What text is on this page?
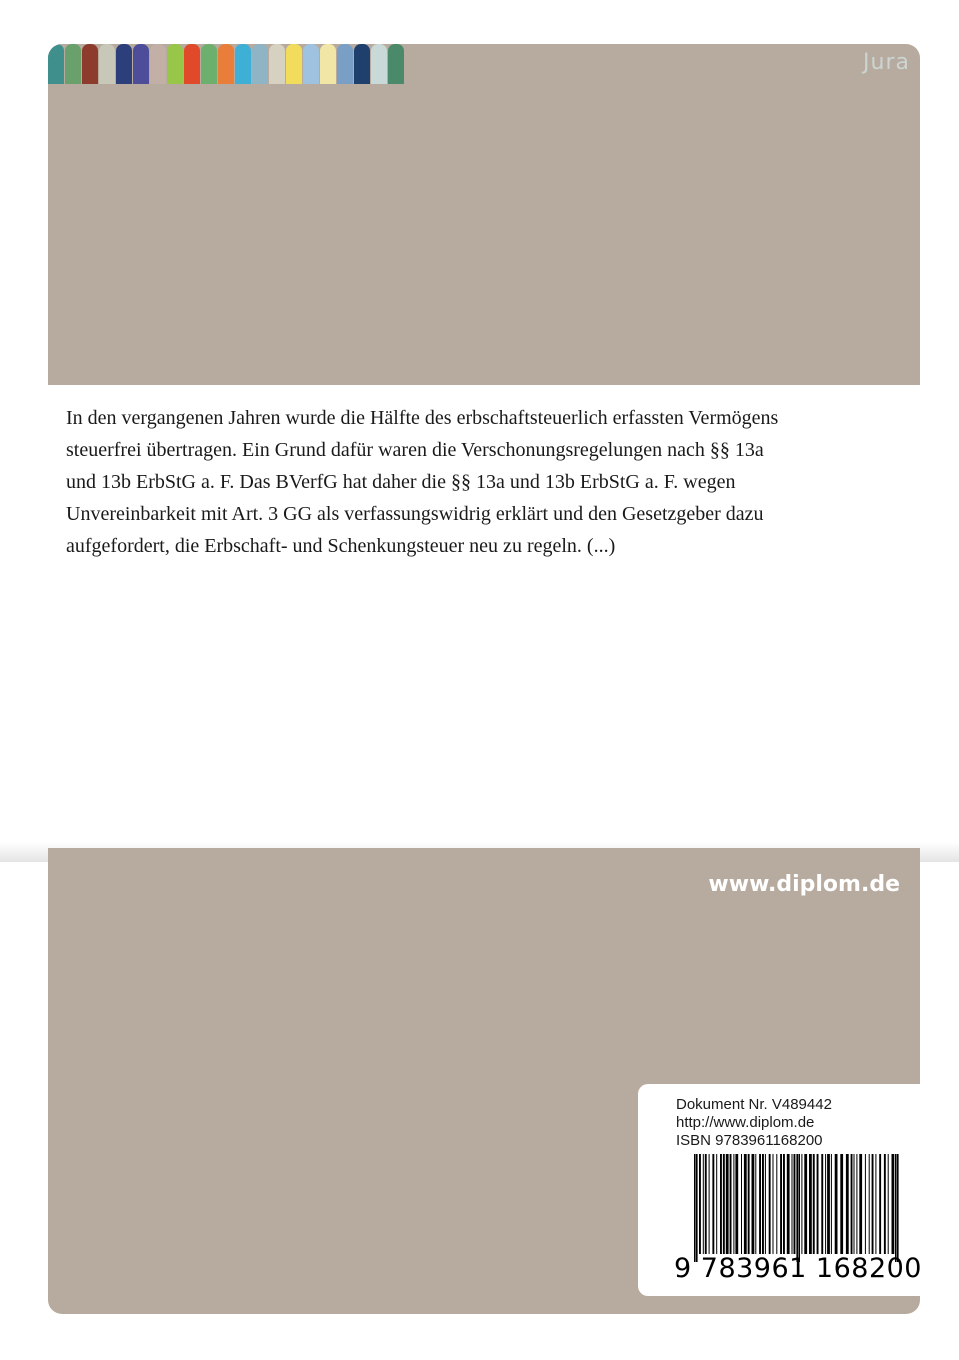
Jura

In den vergangenen Jahren wurde die Hälfte des erbschaftsteuerlich erfassten Vermögens
steuerfrei übertragen. Ein Grund dafür waren die Verschonungsregelungen nach §§ 13a
und 13b ErbStG a. F. Das BVerfG hat daher die §§ 13a und 13b ErbStG a. F. wegen
Unvereinbarkeit mit Art. 3 GG als verfassungswidrig erklärt und den Gesetzgeber dazu
aufgefordert, die Erbschaft- und Schenkungsteuer neu zu regeln. (...)

www.diplom.de

Dokument Nr. V489442

http://www.diplom.de

ISBN 9783961168200

9 783961 168200
